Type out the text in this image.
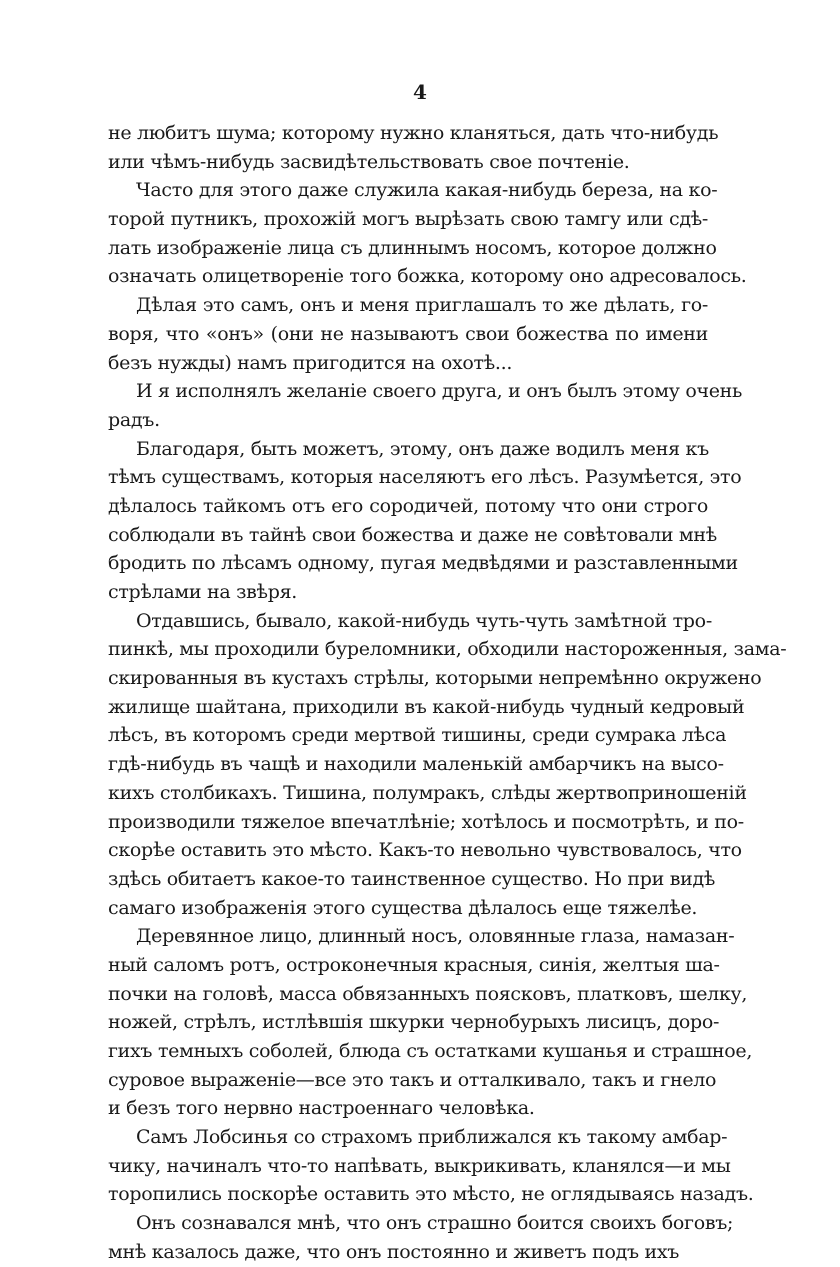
4
не любитъ шума; которому нужно кланяться, дать что-нибудь
или чѣмъ-нибудь засвидѣтельствовать свое почтенiе.
Часто для этого даже служила какая-нибудь береза, на ко-
торой путникъ, прохожiй могъ вырѣзать свою тамгу или сдѣ-
лать изображенiе лица съ длиннымъ носомъ, которое должно
означать олицетворенiе того божка, которому оно адресовалось.
Дѣлая это самъ, онъ и меня приглашалъ то же дѣлать, го-
воря, что «онъ» (они не называютъ свои божества по имени
безъ нужды) намъ пригодится на охотѣ...
И я исполнялъ желанiе своего друга, и онъ былъ этому очень
радъ.
Благодаря, быть можетъ, этому, онъ даже водилъ меня къ
тѣмъ существамъ, которыя населяютъ его лѣсъ. Разумѣется, это
дѣлалось тайкомъ отъ его сородичей, потому что они строго
соблюдали въ тайнѣ свои божества и даже не совѣтовали мнѣ
бродить по лѣсамъ одному, пугая медвѣдями и разставленными
стрѣлами на звѣря.
Отдавшись, бывало, какой-нибудь чуть-чуть замѣтной тро-
пинкѣ, мы проходили бурелoмники, обходили насторoженныя, зама-
скированныя въ кустахъ стрѣлы, которыми непремѣнно окружено
жилище шайтана, приходили въ какой-нибудь чудный кедровый
лѣсъ, въ которомъ среди мертвой тишины, среди сумрака лѣса
гдѣ-нибудь въ чащѣ и находили маленькiй амбарчикъ на высо-
кихъ столбикахъ. Тишина, полумракъ, слѣды жертвоприношенiй
производили тяжелое впечатлѣнiе; хотѣлось и посмотрѣть, и по-
скорѣе оставить это мѣсто. Какъ-то невольно чувствовалось, что
здѣсь обитаетъ какое-то таинственное существо. Но при видѣ
самаго изображенiя этого существа дѣлалось еще тяжелѣе.
Деревянное лицо, длинный носъ, оловянные глаза, намазан-
ный саломъ ротъ, остроконечныя красныя, синiя, желтыя ша-
почки на головѣ, масса обвязанныхъ поясковъ, платковъ, шелку,
ножей, стрѣлъ, истлѣвшiя шкурки чернобурыхъ лисицъ, доро-
гихъ темныхъ соболей, блюда съ остатками кушанья и страшное,
суровое выраженiе—все это такъ и отталкивало, такъ и гнело
и безъ того нервно настроеннаго человѣка.
Самъ Лобсинья со страхомъ приближался къ такому амбар-
чику, начиналъ что-то напѣвать, выкрикивать, кланялся—и мы
торопились поскорѣе оставить это мѣсто, не оглядываясь назадъ.
Онъ сознавался мнѣ, что онъ страшно боится своихъ боговъ;
мнѣ казалось даже, что онъ постоянно и живетъ подъ ихъ
